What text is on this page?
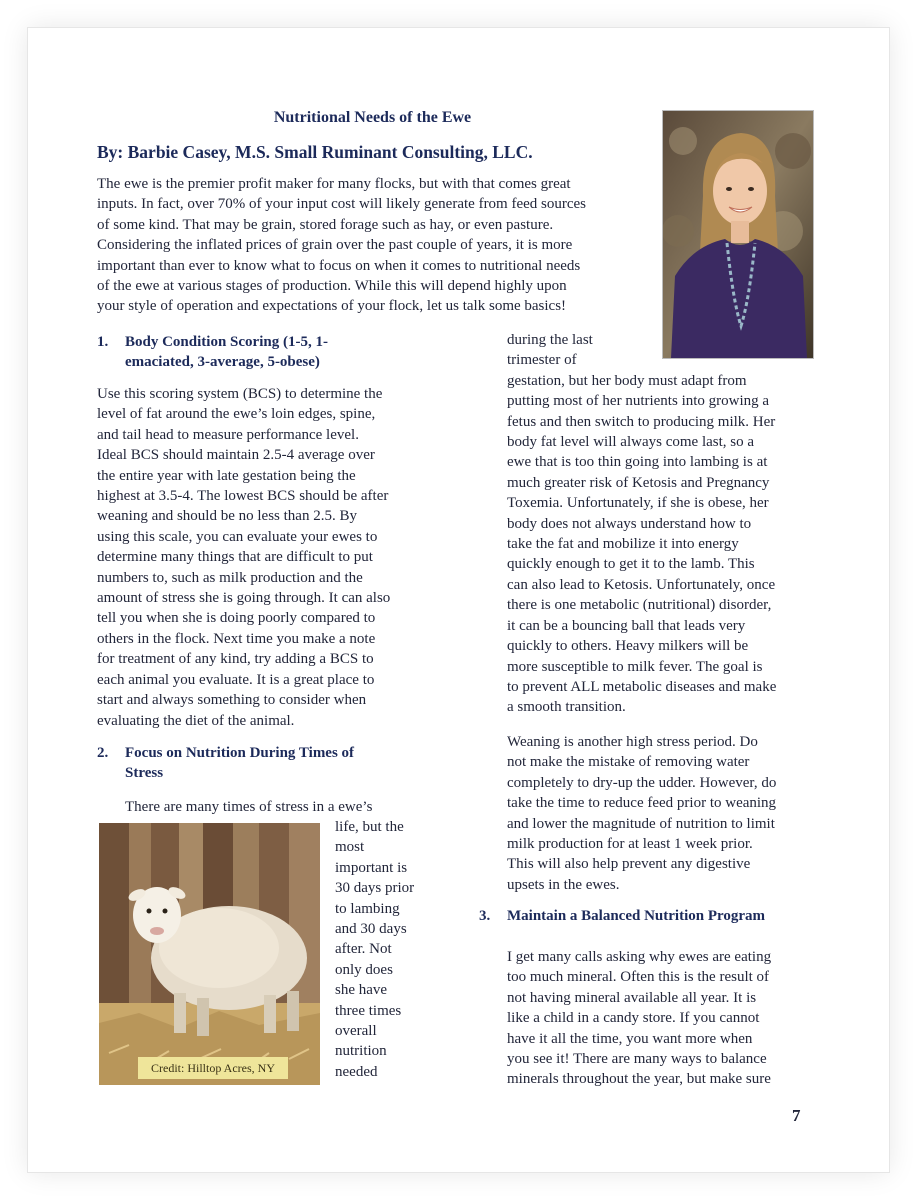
Nutritional Needs of the Ewe
By: Barbie Casey, M.S. Small Ruminant Consulting, LLC.
The ewe is the premier profit maker for many flocks, but with that comes great
inputs. In fact, over 70% of your input cost will likely generate from feed sources
of some kind. That may be grain, stored forage such as hay, or even pasture.
Considering the inflated prices of grain over the past couple of years, it is more
important than ever to know what to focus on when it comes to nutritional needs
of the ewe at various stages of production. While this will depend highly upon
your style of operation and expectations of your flock, let us talk some basics!
1. Body Condition Scoring (1-5, 1-
emaciated, 3-average, 5-obese)
Use this scoring system (BCS) to determine the
level of fat around the ewe’s loin edges, spine,
and tail head to measure performance level.
Ideal BCS should maintain 2.5-4 average over
the entire year with late gestation being the
highest at 3.5-4. The lowest BCS should be after
weaning and should be no less than 2.5. By
using this scale, you can evaluate your ewes to
determine many things that are difficult to put
numbers to, such as milk production and the
amount of stress she is going through. It can also
tell you when she is doing poorly compared to
others in the flock. Next time you make a note
for treatment of any kind, try adding a BCS to
each animal you evaluate. It is a great place to
start and always something to consider when
evaluating the diet of the animal.
2. Focus on Nutrition During Times of
Stress
There are many times of stress in a ewe’s
life, but the
most
important is
30 days prior
to lambing
and 30 days
after. Not
only does
she have
three times
overall
nutrition
needed
Credit: Hilltop Acres, NY
during the last
trimester of
gestation, but her body must adapt from
putting most of her nutrients into growing a
fetus and then switch to producing milk. Her
body fat level will always come last, so a
ewe that is too thin going into lambing is at
much greater risk of Ketosis and Pregnancy
Toxemia. Unfortunately, if she is obese, her
body does not always understand how to
take the fat and mobilize it into energy
quickly enough to get it to the lamb. This
can also lead to Ketosis. Unfortunately, once
there is one metabolic (nutritional) disorder,
it can be a bouncing ball that leads very
quickly to others. Heavy milkers will be
more susceptible to milk fever. The goal is
to prevent ALL metabolic diseases and make
a smooth transition.
Weaning is another high stress period. Do
not make the mistake of removing water
completely to dry-up the udder. However, do
take the time to reduce feed prior to weaning
and lower the magnitude of nutrition to limit
milk production for at least 1 week prior.
This will also help prevent any digestive
upsets in the ewes.
3. Maintain a Balanced Nutrition Program
I get many calls asking why ewes are eating
too much mineral. Often this is the result of
not having mineral available all year. It is
like a child in a candy store. If you cannot
have it all the time, you want more when
you see it! There are many ways to balance
minerals throughout the year, but make sure
7
